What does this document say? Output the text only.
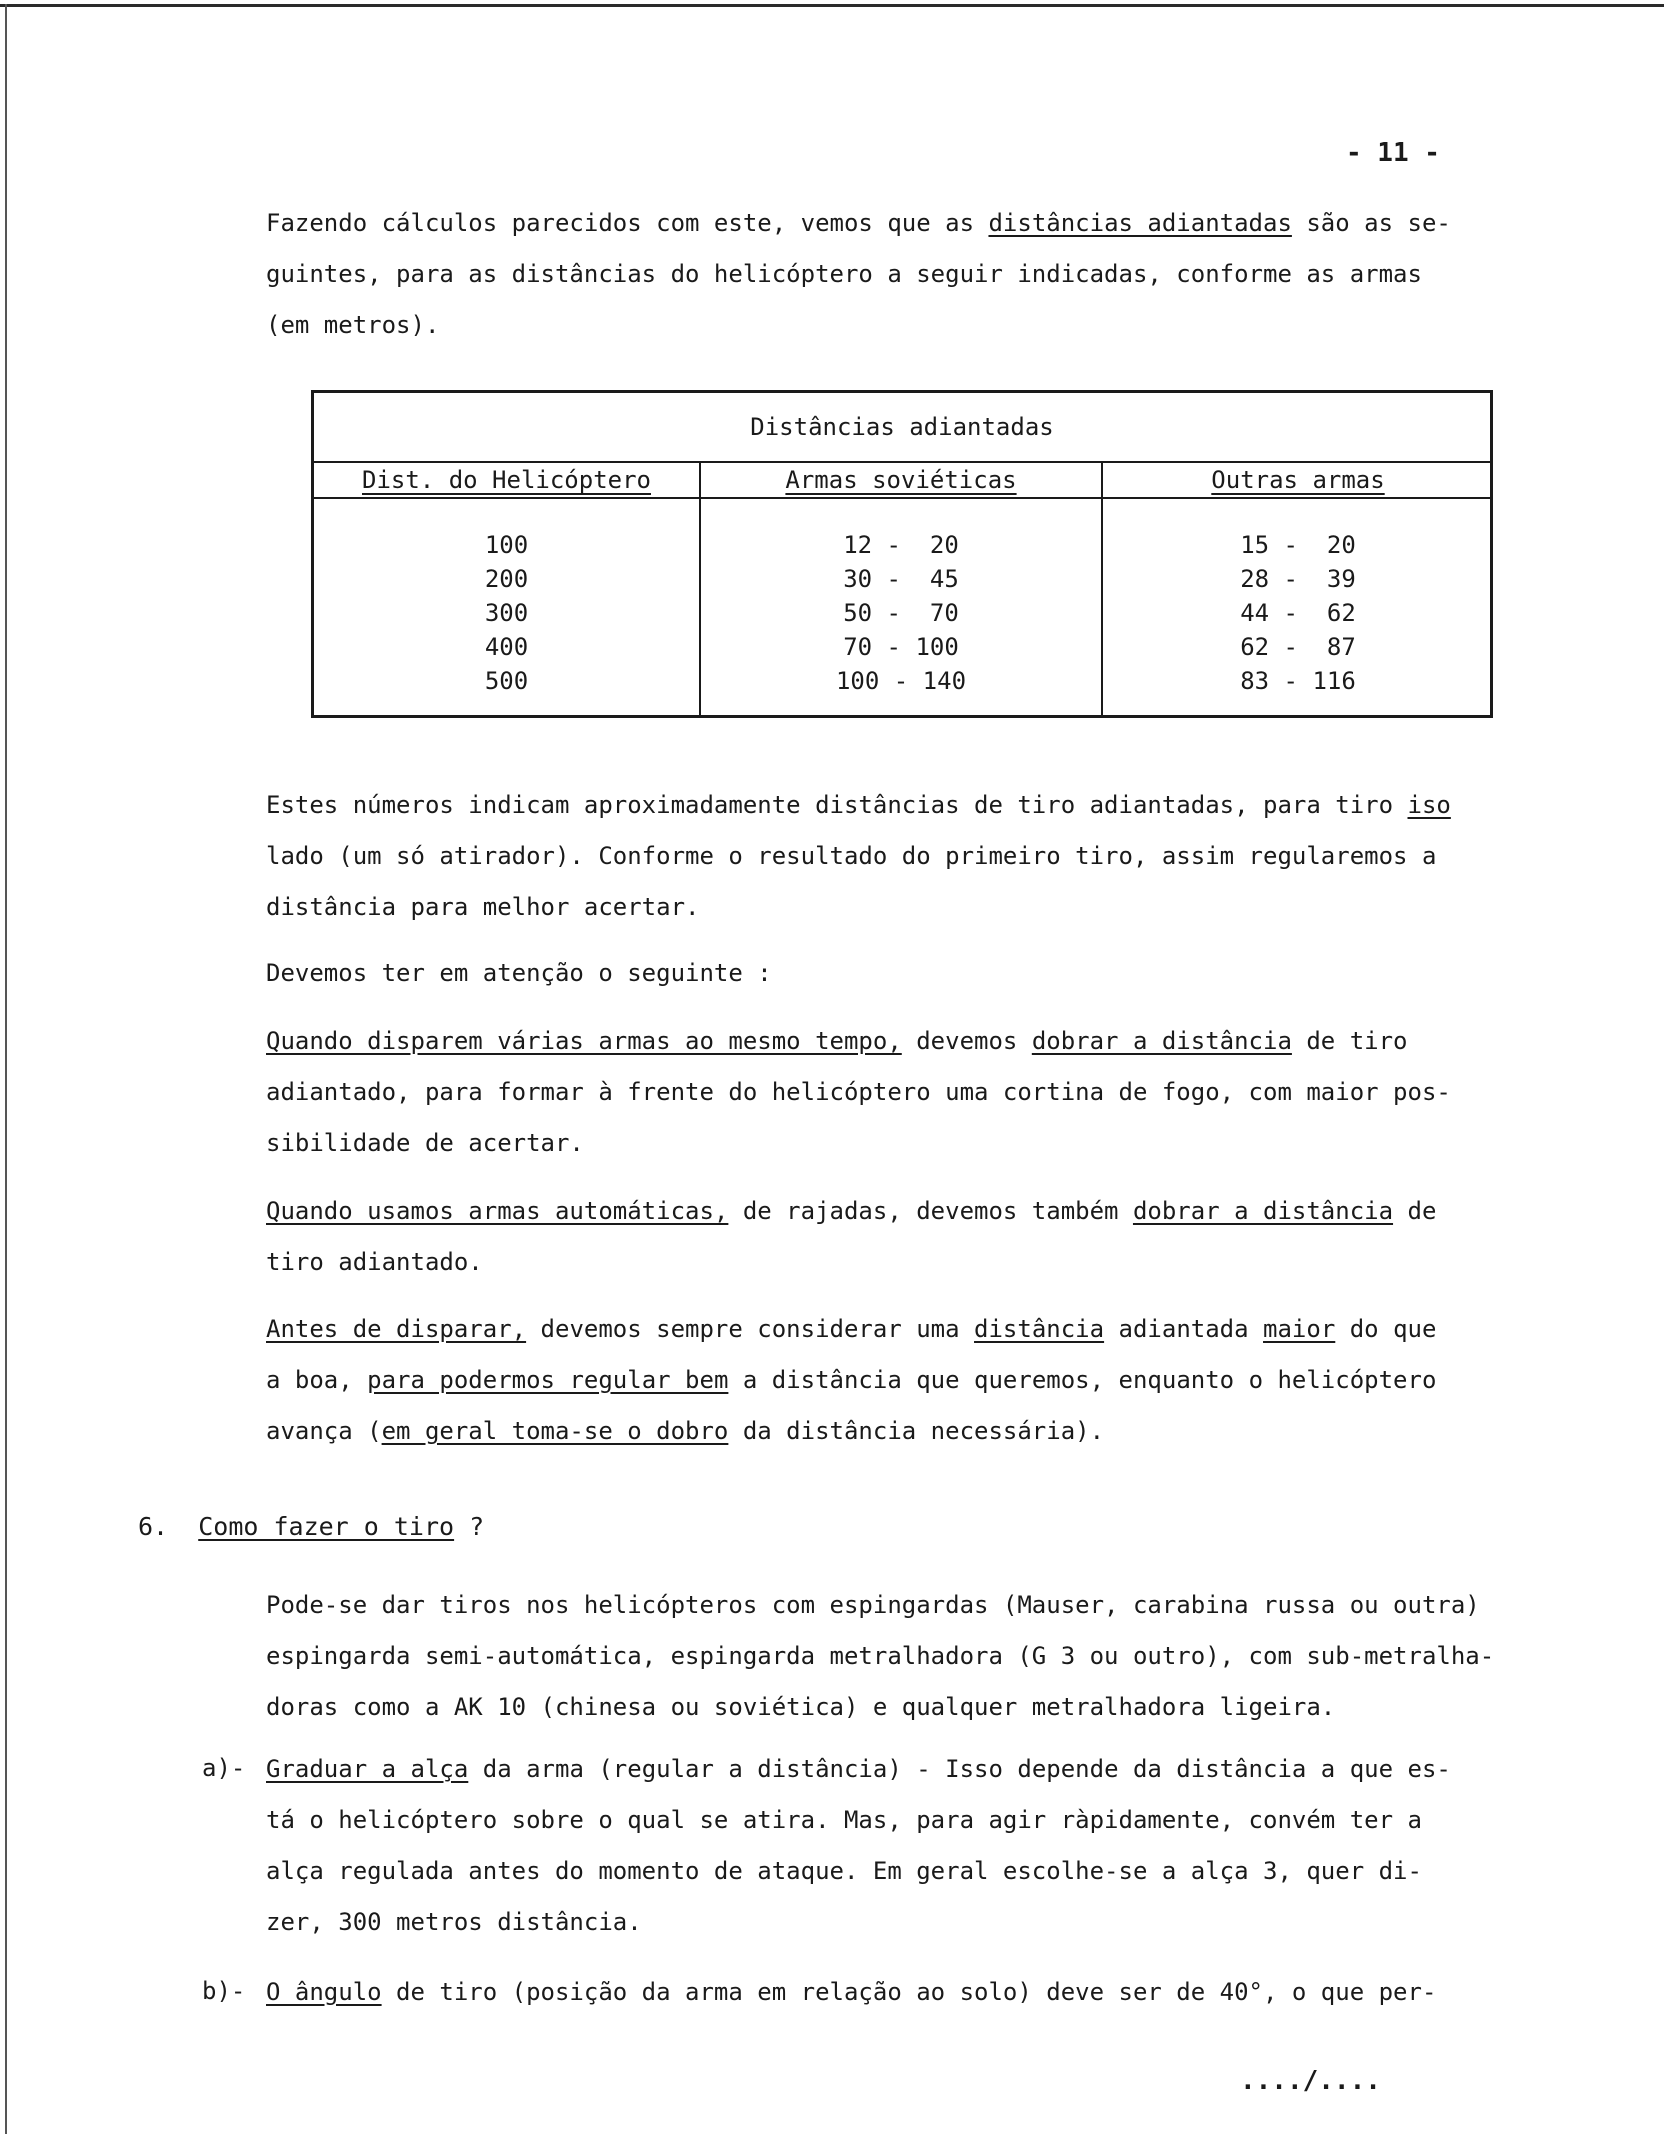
- 11 -
Fazendo cálculos parecidos com este, vemos que as distâncias adiantadas são as se-
guintes, para as distâncias do helicóptero a seguir indicadas, conforme as armas
(em metros).
Distâncias adiantadas
Dist. do Helicóptero	Armas soviéticas	Outras armas
100
200
300
400
500
12 -  20
30 -  45
50 -  70
70 - 100
100 - 140
15 -  20
28 -  39
44 -  62
62 -  87
83 - 116
Estes números indicam aproximadamente distâncias de tiro adiantadas, para tiro iso
lado (um só atirador). Conforme o resultado do primeiro tiro, assim regularemos a
distância para melhor acertar.
Devemos ter em atenção o seguinte :
Quando disparem várias armas ao mesmo tempo, devemos dobrar a distância de tiro
adiantado, para formar à frente do helicóptero uma cortina de fogo, com maior pos-
sibilidade de acertar.
Quando usamos armas automáticas, de rajadas, devemos também dobrar a distância de
tiro adiantado.
Antes de disparar, devemos sempre considerar uma distância adiantada maior do que
a boa, para podermos regular bem a distância que queremos, enquanto o helicóptero
avança (em geral toma-se o dobro da distância necessária).
6. Como fazer o tiro ?
Pode-se dar tiros nos helicópteros com espingardas (Mauser, carabina russa ou outra)
espingarda semi-automática, espingarda metralhadora (G 3 ou outro), com sub-metralha-
doras como a AK 10 (chinesa ou soviética) e qualquer metralhadora ligeira.
a)- Graduar a alça da arma (regular a distância) - Isso depende da distância a que es-
tá o helicóptero sobre o qual se atira. Mas, para agir ràpidamente, convém ter a
alça regulada antes do momento de ataque. Em geral escolhe-se a alça 3, quer di-
zer, 300 metros distância.
b)- O ângulo de tiro (posição da arma em relação ao solo) deve ser de 40°, o que per-
..../....
